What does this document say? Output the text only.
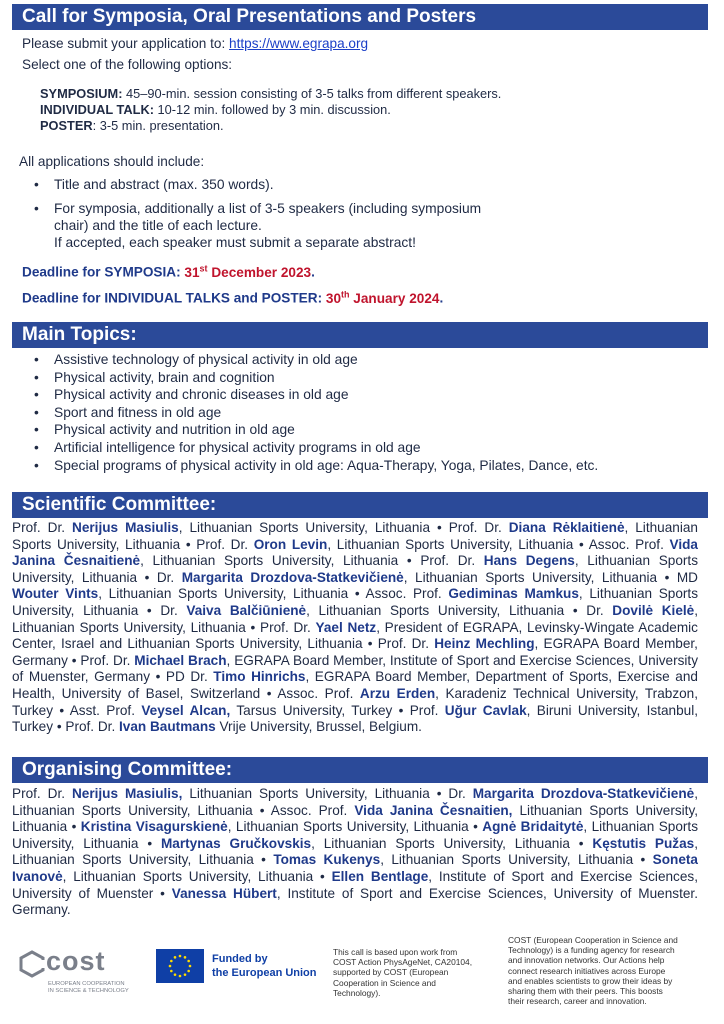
Call for Symposia, Oral Presentations and Posters
Please submit your application to: https://www.egrapa.org
Select one of the following options:
SYMPOSIUM: 45–90-min. session consisting of 3-5 talks from different speakers.
INDIVIDUAL TALK: 10-12 min. followed by 3 min. discussion.
POSTER: 3-5 min. presentation.
All applications should include:
• Title and abstract (max. 350 words).
• For symposia, additionally a list of 3-5 speakers (including symposium chair) and the title of each lecture.
If accepted, each speaker must submit a separate abstract!
Deadline for SYMPOSIA: 31st December 2023.
Deadline for INDIVIDUAL TALKS and POSTER: 30th January 2024.
Main Topics:
• Assistive technology of physical activity in old age
• Physical activity, brain and cognition
• Physical activity and chronic diseases in old age
• Sport and fitness in old age
• Physical activity and nutrition in old age
• Artificial intelligence for physical activity programs in old age
• Special programs of physical activity in old age: Aqua-Therapy, Yoga, Pilates, Dance, etc.
Scientific Committee:
Prof. Dr. Nerijus Masiulis, Lithuanian Sports University, Lithuania • Prof. Dr. Diana Rėklaitienė, Lithuanian Sports University, Lithuania • Prof. Dr. Oron Levin, Lithuanian Sports University, Lithuania • Assoc. Prof. Vida Janina Česnaitienė, Lithuanian Sports University, Lithuania • Prof. Dr. Hans Degens, Lithuanian Sports University, Lithuania • Dr. Margarita Drozdova-Statkevičienė, Lithuanian Sports University, Lithuania • MD Wouter Vints, Lithuanian Sports University, Lithuania • Assoc. Prof. Gediminas Mamkus, Lithuanian Sports University, Lithuania • Dr. Vaiva Balčiūnienė, Lithuanian Sports University, Lithuania • Dr. Dovilė Kielė, Lithuanian Sports University, Lithuania • Prof. Dr. Yael Netz, President of EGRAPA, Levinsky-Wingate Academic Center, Israel and Lithuanian Sports University, Lithuania • Prof. Dr. Heinz Mechling, EGRAPA Board Member, Germany • Prof. Dr. Michael Brach, EGRAPA Board Member, Institute of Sport and Exercise Sciences, University of Muenster, Germany • PD Dr. Timo Hinrichs, EGRAPA Board Member, Department of Sports, Exercise and Health, University of Basel, Switzerland • Assoc. Prof. Arzu Erden, Karadeniz Technical University, Trabzon, Turkey • Asst. Prof. Veysel Alcan, Tarsus University, Turkey • Prof. Uğur Cavlak, Biruni University, Istanbul, Turkey • Prof. Dr. Ivan Bautmans Vrije University, Brussel, Belgium.
Organising Committee:
Prof. Dr. Nerijus Masiulis, Lithuanian Sports University, Lithuania • Dr. Margarita Drozdova-Statkevičienė, Lithuanian Sports University, Lithuania • Assoc. Prof. Vida Janina Česnaitien, Lithuanian Sports University, Lithuania • Kristina Visagurskienė, Lithuanian Sports University, Lithuania • Agnė Bridaitytė, Lithuanian Sports University, Lithuania • Martynas Gručkovskis, Lithuanian Sports University, Lithuania • Kęstutis Pužas, Lithuanian Sports University, Lithuania • Tomas Kukenys, Lithuanian Sports University, Lithuania • Soneta Ivanovė, Lithuanian Sports University, Lithuania • Ellen Bentlage, Institute of Sport and Exercise Sciences, University of Muenster • Vanessa Hübert, Institute of Sport and Exercise Sciences, University of Muenster. Germany.
cost
EUROPEAN COOPERATION
IN SCIENCE & TECHNOLOGY
Funded by
the European Union
This call is based upon work from
COST Action PhysAgeNet, CA20104,
supported by COST (European
Cooperation in Science and
Technology).
COST (European Cooperation in Science and
Technology) is a funding agency for research
and innovation networks. Our Actions help
connect research initiatives across Europe
and enables scientists to grow their ideas by
sharing them with their peers. This boosts
their research, career and innovation.
